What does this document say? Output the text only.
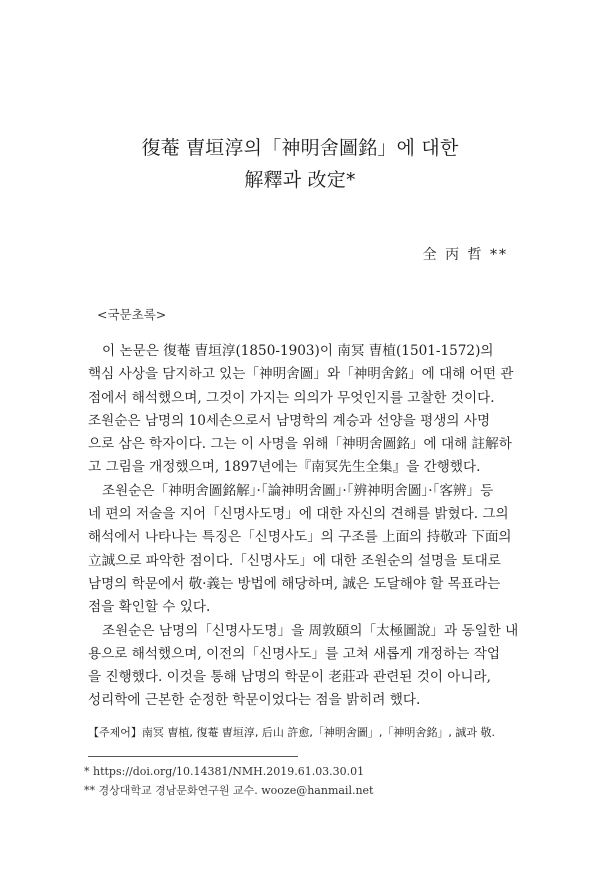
復菴 曺垣淳의「神明舍圖銘」에 대한
解釋과 改定*
全 丙 哲 **
<국문초록>
이 논문은 復菴 曺垣淳(1850-1903)이 南冥 曺植(1501-1572)의
핵심 사상을 담지하고 있는「神明舍圖」와「神明舍銘」에 대해 어떤 관
점에서 해석했으며, 그것이 가지는 의의가 무엇인지를 고찰한 것이다.
조원순은 남명의 10세손으로서 남명학의 계승과 선양을 평생의 사명
으로 삼은 학자이다. 그는 이 사명을 위해「神明舍圖銘」에 대해 註解하
고 그림을 개정했으며, 1897년에는『南冥先生全集』을 간행했다.
조원순은「神明舍圖銘解」·「論神明舍圖」·「辨神明舍圖」·「客辨」등
네 편의 저술을 지어「신명사도명」에 대한 자신의 견해를 밝혔다. 그의
해석에서 나타나는 특징은「신명사도」의 구조를 上面의 持敬과 下面의
立誠으로 파악한 점이다.「신명사도」에 대한 조원순의 설명을 토대로
남명의 학문에서 敬·義는 방법에 해당하며, 誠은 도달해야 할 목표라는
점을 확인할 수 있다.
조원순은 남명의「신명사도명」을 周敦頤의「太極圖說」과 동일한 내
용으로 해석했으며, 이전의「신명사도」를 고쳐 새롭게 개정하는 작업
을 진행했다. 이것을 통해 남명의 학문이 老莊과 관련된 것이 아니라,
성리학에 근본한 순정한 학문이었다는 점을 밝히려 했다.
【주제어】南冥 曺植, 復菴 曺垣淳, 后山 許愈,「神明舍圖」,「神明舍銘」, 誠과 敬.
* https://doi.org/10.14381/NMH.2019.61.03.30.01
** 경상대학교 경남문화연구원 교수. wooze@hanmail.net
